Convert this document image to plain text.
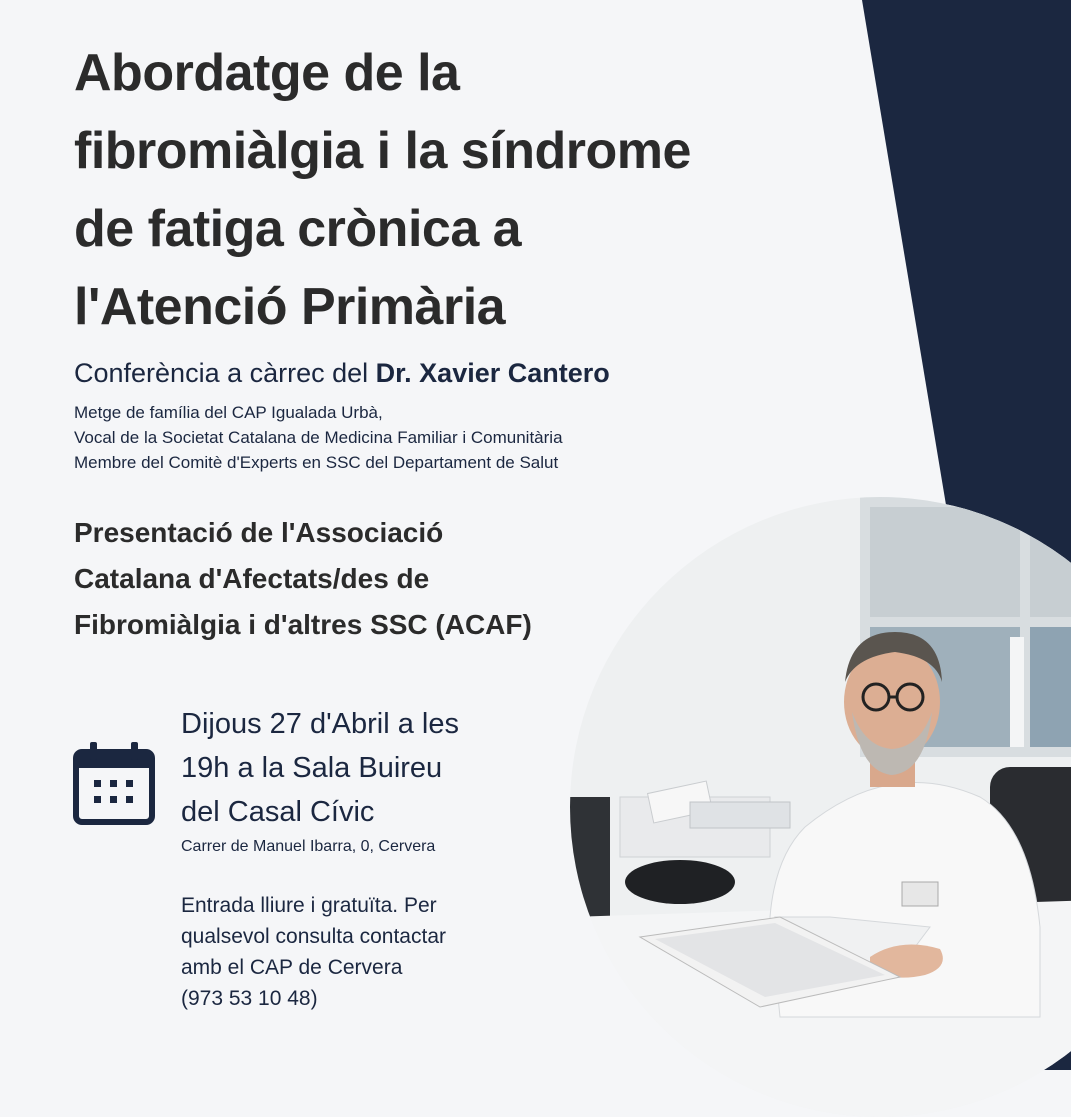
Abordatge de la
fibromiàlgia i la síndrome
de fatiga crònica a
l'Atenció Primària

Conferència a càrrec del Dr. Xavier Cantero

Metge de família del CAP Igualada Urbà,
Vocal de la Societat Catalana de Medicina Familiar i Comunitària
Membre del Comitè d'Experts en SSC del Departament de Salut
Presentació de l'Associació
Catalana d'Afectats/des de
Fibromiàlgia i d'altres SSC (ACAF)
Dijous 27 d'Abril a les
19h a la Sala Buireu
del Casal Cívic
Carrer de Manuel Ibarra, 0, Cervera
Entrada lliure i gratuïta. Per
qualsevol consulta contactar
amb el CAP de Cervera
(973 53 10 48)
